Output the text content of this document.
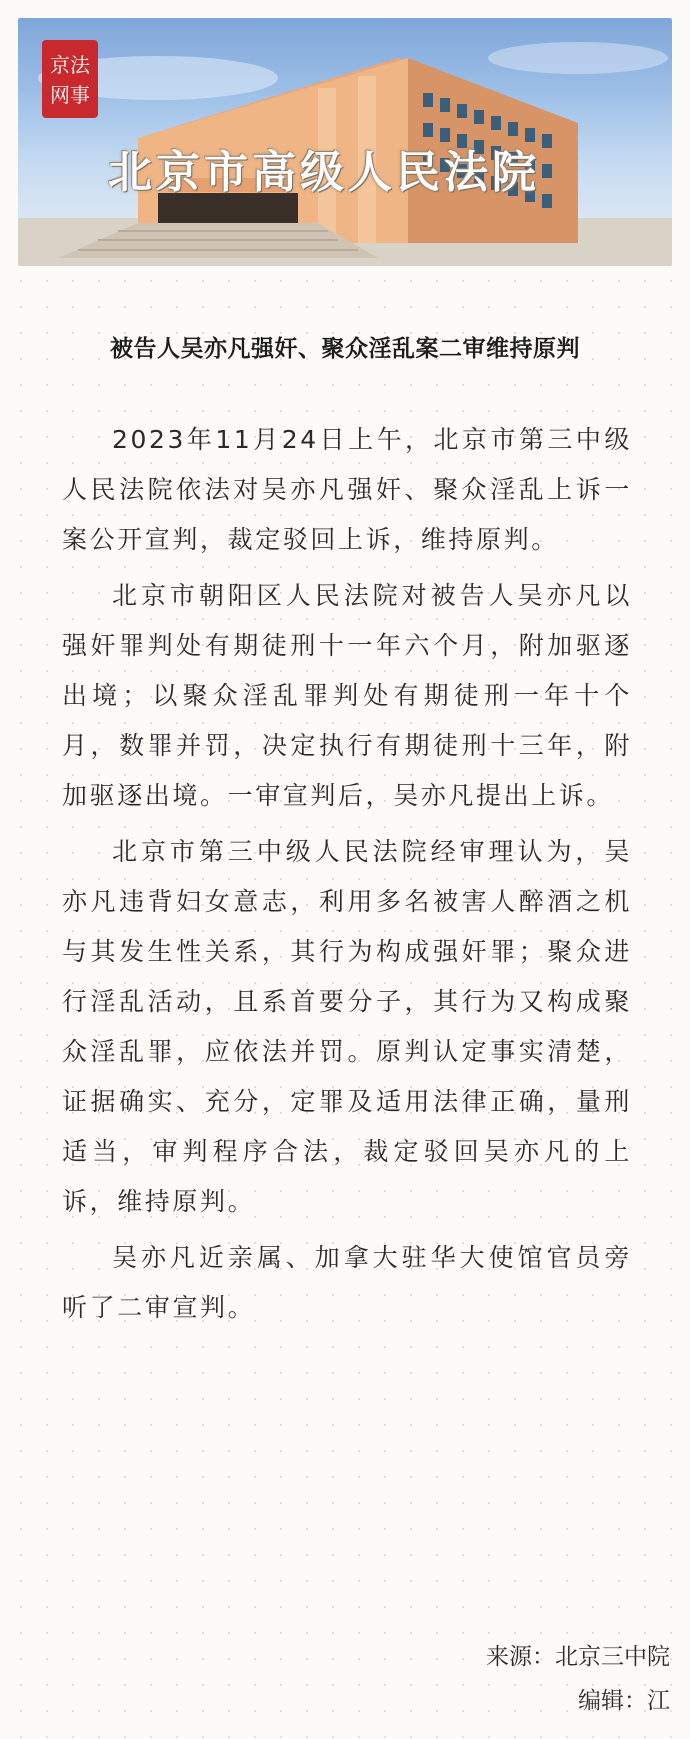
京法
网事
北京市高级人民法院
被告人吴亦凡强奸、聚众淫乱案二审维持原判

2023年11月24日上午，北京市第三中级人民法院依法对吴亦凡强奸、聚众淫乱上诉一案公开宣判，裁定驳回上诉，维持原判。

北京市朝阳区人民法院对被告人吴亦凡以强奸罪判处有期徒刑十一年六个月，附加驱逐出境；以聚众淫乱罪判处有期徒刑一年十个月，数罪并罚，决定执行有期徒刑十三年，附加驱逐出境。一审宣判后，吴亦凡提出上诉。

北京市第三中级人民法院经审理认为，吴亦凡违背妇女意志，利用多名被害人醉酒之机与其发生性关系，其行为构成强奸罪；聚众进行淫乱活动，且系首要分子，其行为又构成聚众淫乱罪，应依法并罚。原判认定事实清楚，证据确实、充分，定罪及适用法律正确，量刑适当，审判程序合法，裁定驳回吴亦凡的上诉，维持原判。

吴亦凡近亲属、加拿大驻华大使馆官员旁听了二审宣判。

来源：北京三中院
编辑：江
